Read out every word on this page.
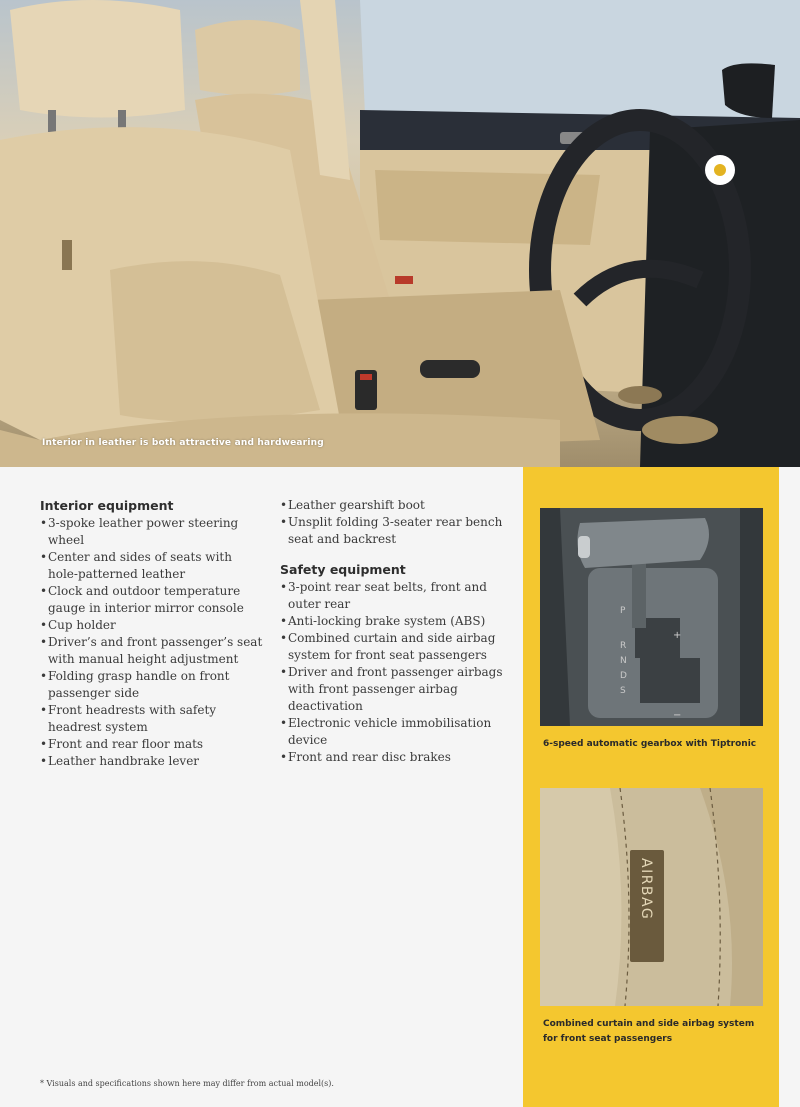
Interior in leather is both attractive and hardwearing
Interior equipment
• 3-spoke leather power steering wheel
• Center and sides of seats with hole-patterned leather
• Clock and outdoor temperature gauge in interior mirror console
• Cup holder
• Driver’s and front passenger’s seat with manual height adjustment
• Folding grasp handle on front passenger side
• Front headrests with safety headrest system
• Front and rear floor mats
• Leather handbrake lever
• Leather gearshift boot
• Unsplit folding 3-seater rear bench seat and backrest
Safety equipment
• 3-point rear seat belts, front and outer rear
• Anti-locking brake system (ABS)
• Combined curtain and side airbag system for front seat passengers
• Driver and front passenger airbags with front passenger airbag deactivation
• Electronic vehicle immobilisation device
• Front and rear disc brakes
P
R
N
D
S
+
−
6-speed automatic gearbox with Tiptronic
AIRBAG
Combined curtain and side airbag system for front seat passengers
* Visuals and specifications shown here may differ from actual model(s).
